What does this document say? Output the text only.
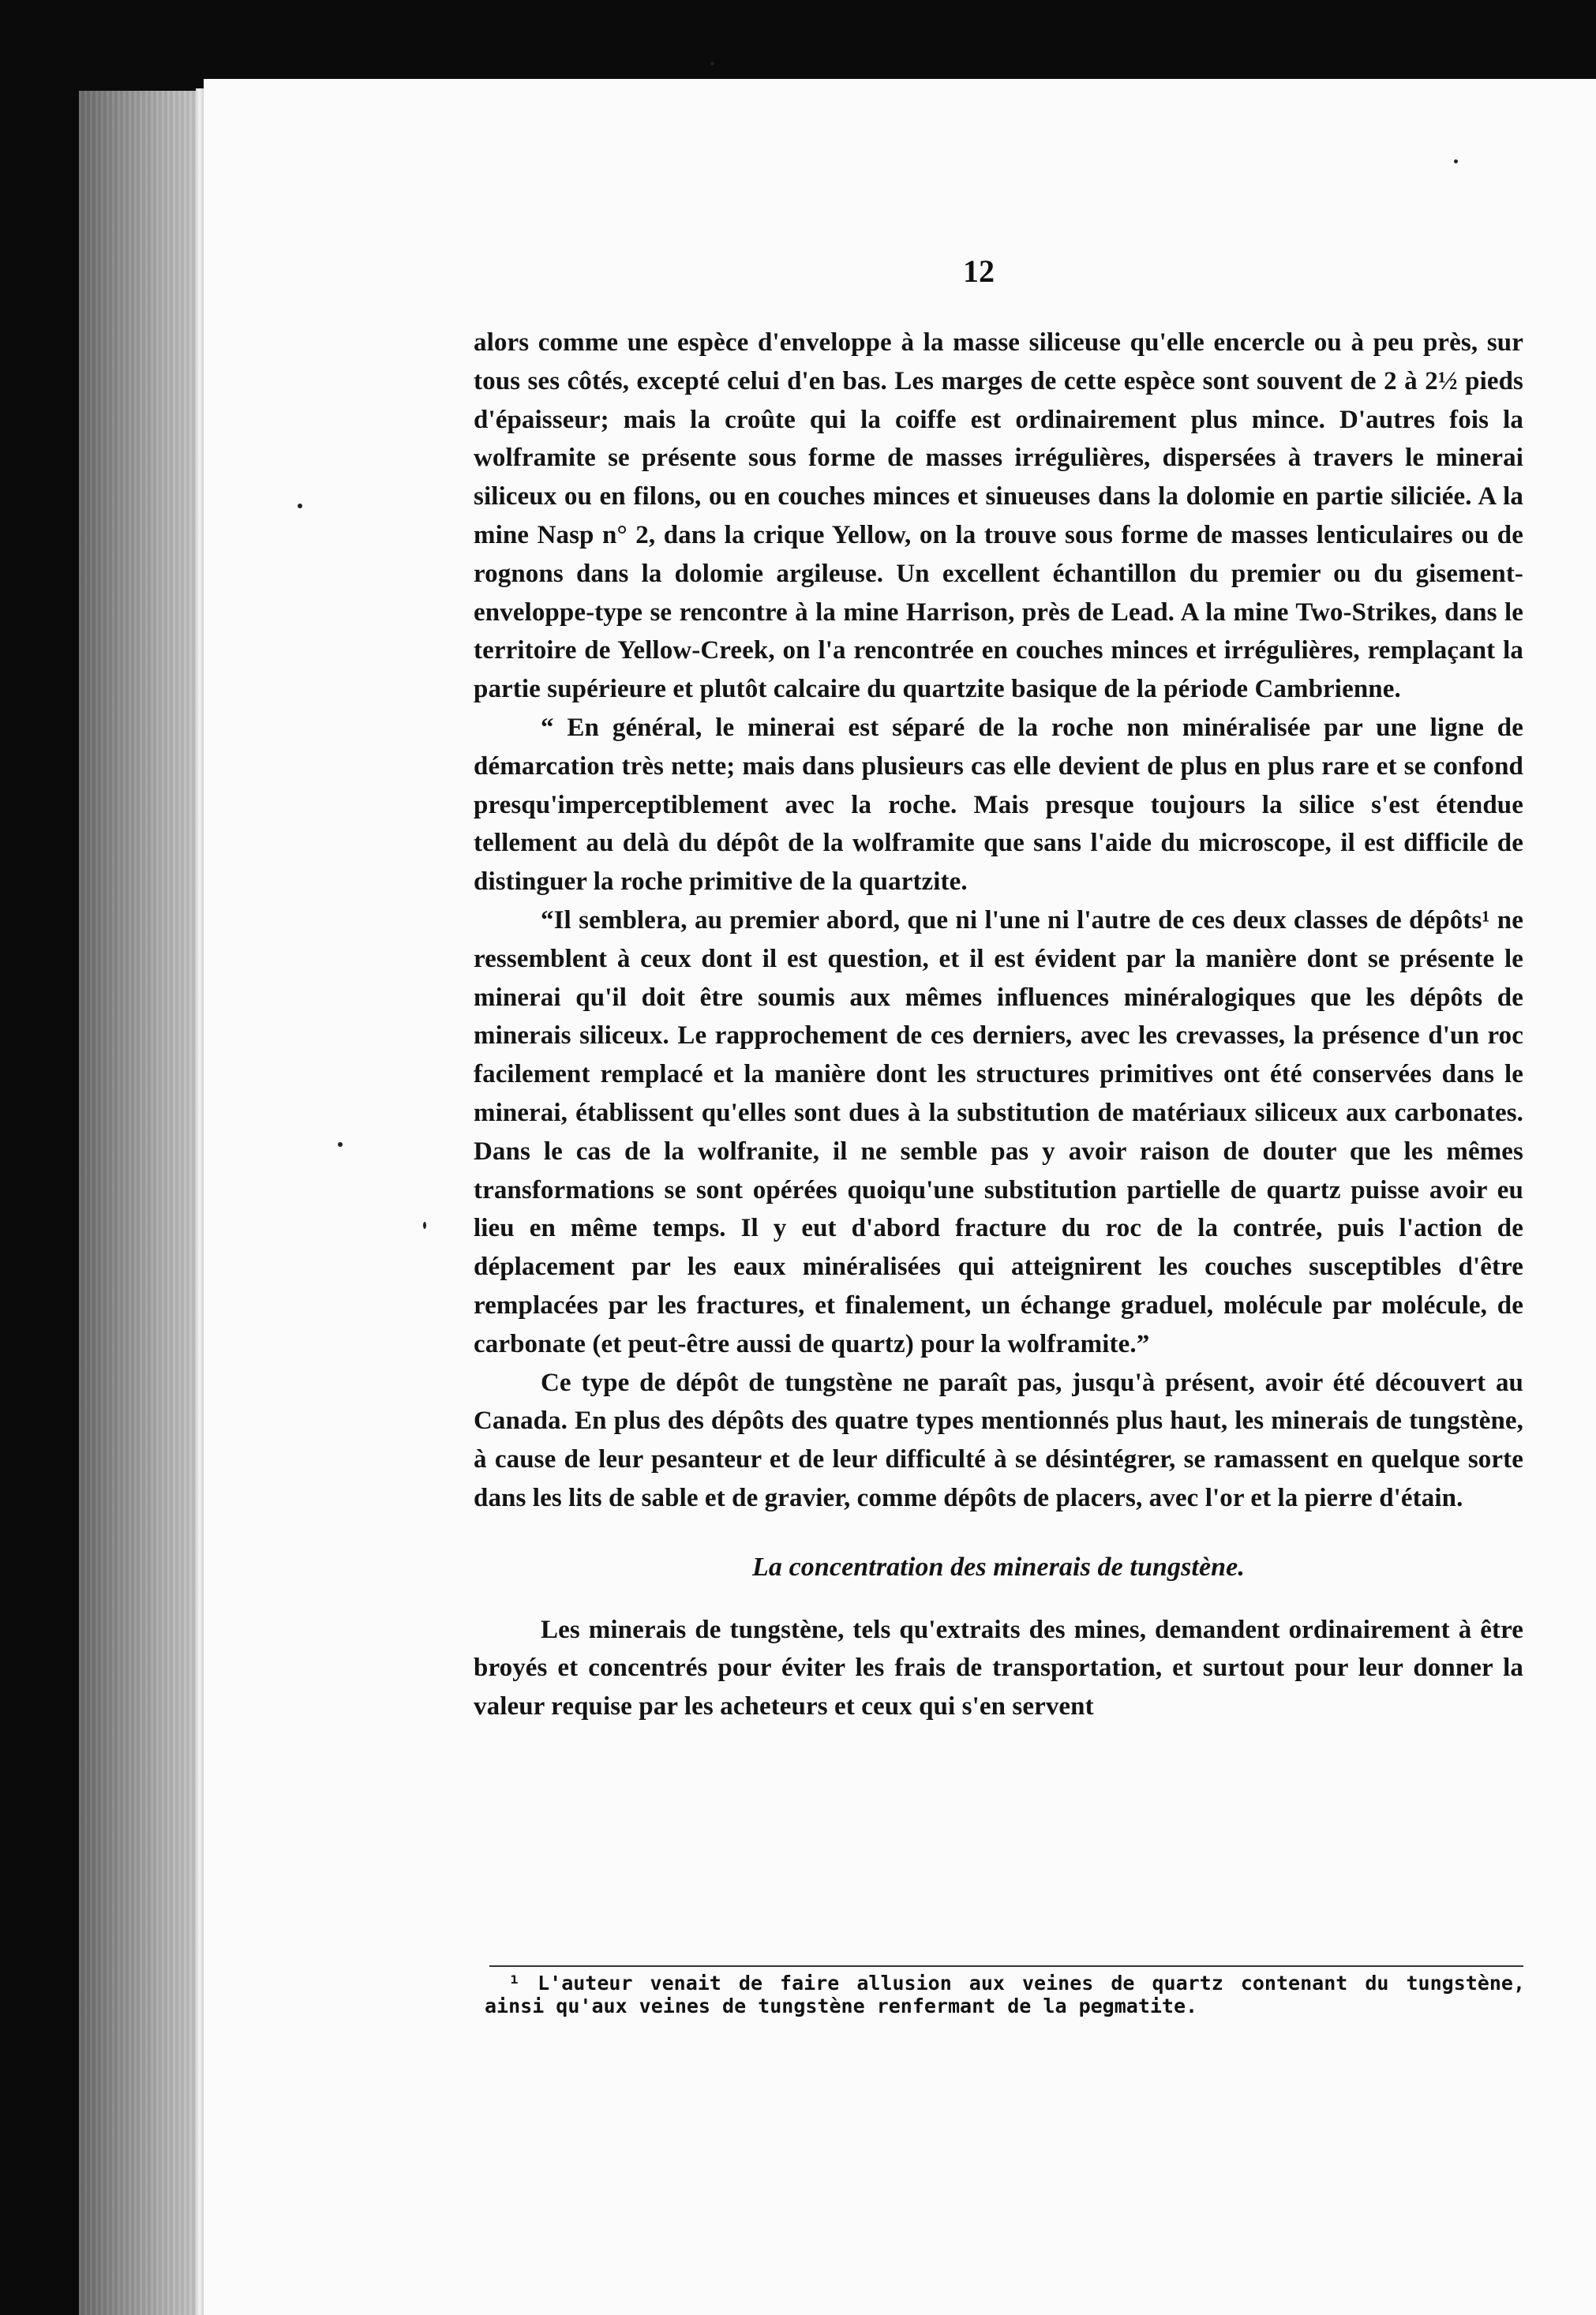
12

alors comme une espèce d'enveloppe à la masse siliceuse qu'elle encercle ou à peu près, sur tous ses côtés, excepté celui d'en bas. Les marges de cette espèce sont souvent de 2 à 2½ pieds d'épaisseur; mais la croûte qui la coiffe est ordinairement plus mince. D'autres fois la wolframite se présente sous forme de masses irrégulières, dispersées à travers le minerai siliceux ou en filons, ou en couches minces et sinueuses dans la dolomie en partie siliciée. A la mine Nasp n° 2, dans la crique Yellow, on la trouve sous forme de masses lenticulaires ou de rognons dans la dolomie argileuse. Un excellent échantillon du premier ou du gisement-enveloppe-type se rencontre à la mine Harrison, près de Lead. A la mine Two-Strikes, dans le territoire de Yellow-Creek, on l'a rencontrée en couches minces et irrégulières, remplaçant la partie supérieure et plutôt calcaire du quartzite basique de la période Cambrienne.

“ En général, le minerai est séparé de la roche non minéralisée par une ligne de démarcation très nette; mais dans plusieurs cas elle devient de plus en plus rare et se confond presqu'imperceptiblement avec la roche. Mais presque toujours la silice s'est étendue tellement au delà du dépôt de la wolframite que sans l'aide du microscope, il est difficile de distinguer la roche primitive de la quartzite.

“Il semblera, au premier abord, que ni l'une ni l'autre de ces deux classes de dépôts¹ ne ressemblent à ceux dont il est question, et il est évident par la manière dont se présente le minerai qu'il doit être soumis aux mêmes influences minéralogiques que les dépôts de minerais siliceux. Le rapprochement de ces derniers, avec les crevasses, la présence d'un roc facilement remplacé et la manière dont les structures primitives ont été conservées dans le minerai, établissent qu'elles sont dues à la substitution de matériaux siliceux aux carbonates. Dans le cas de la wolfranite, il ne semble pas y avoir raison de douter que les mêmes transformations se sont opérées quoiqu'une substitution partielle de quartz puisse avoir eu lieu en même temps. Il y eut d'abord fracture du roc de la contrée, puis l'action de déplacement par les eaux minéralisées qui atteignirent les couches susceptibles d'être remplacées par les fractures, et finalement, un échange graduel, molécule par molécule, de carbonate (et peut-être aussi de quartz) pour la wolframite.”

Ce type de dépôt de tungstène ne paraît pas, jusqu'à présent, avoir été découvert au Canada. En plus des dépôts des quatre types mentionnés plus haut, les minerais de tungstène, à cause de leur pesanteur et de leur difficulté à se désintégrer, se ramassent en quelque sorte dans les lits de sable et de gravier, comme dépôts de placers, avec l'or et la pierre d'étain.

La concentration des minerais de tungstène.

Les minerais de tungstène, tels qu'extraits des mines, demandent ordinairement à être broyés et concentrés pour éviter les frais de transportation, et surtout pour leur donner la valeur requise par les acheteurs et ceux qui s'en servent

¹ L'auteur venait de faire allusion aux veines de quartz contenant du tungstène, ainsi qu'aux veines de tungstène renfermant de la pegmatite.
